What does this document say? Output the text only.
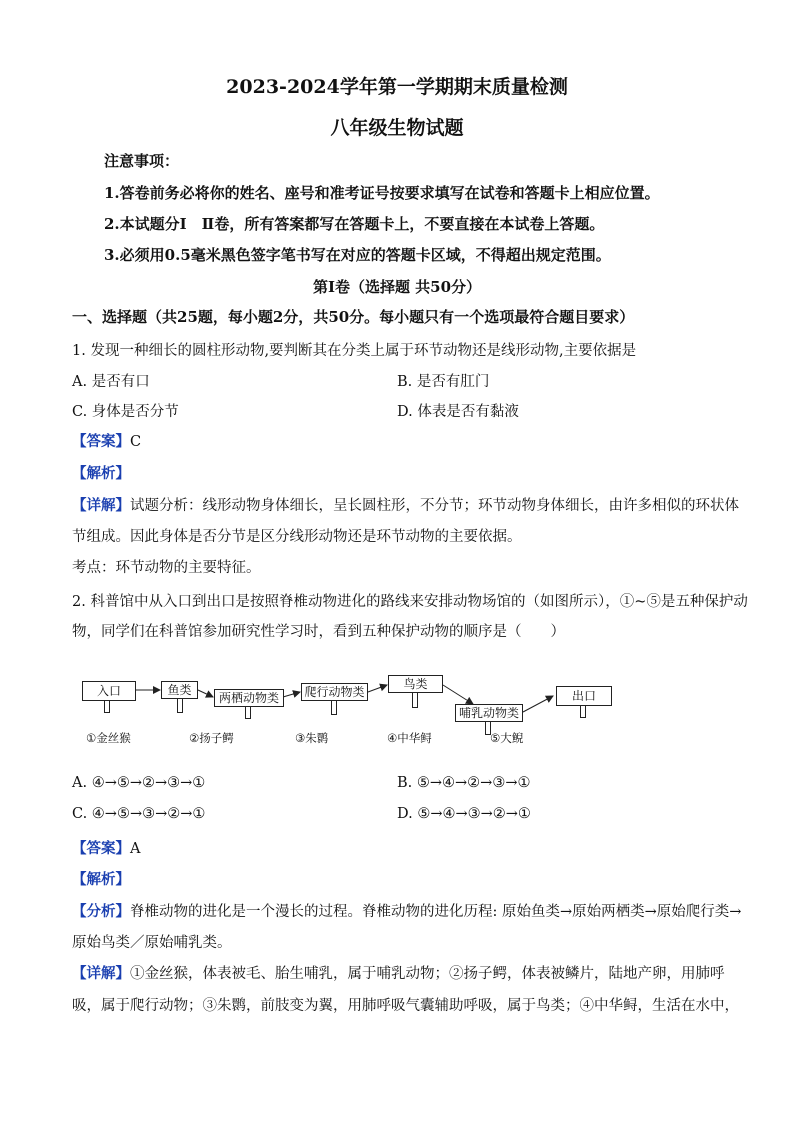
2023-2024学年第一学期期末质量检测
八年级生物试题
注意事项：
1.答卷前务必将你的姓名、座号和准考证号按要求填写在试卷和答题卡上相应位置。
2.本试题分Ⅰ　Ⅱ卷，所有答案都写在答题卡上，不要直接在本试卷上答题。
3.必须用0.5毫米黑色签字笔书写在对应的答题卡区域，不得超出规定范围。
第Ⅰ卷（选择题 共50分）
一、选择题（共25题，每小题2分，共50分。每小题只有一个选项最符合题目要求）
1. 发现一种细长的圆柱形动物,要判断其在分类上属于环节动物还是线形动物,主要依据是
A. 是否有口	B. 是否有肛门
C. 身体是否分节	D. 体表是否有黏液
【答案】C
【解析】
【详解】试题分析：线形动物身体细长，呈长圆柱形，不分节；环节动物身体细长，由许多相似的环状体
节组成。因此身体是否分节是区分线形动物还是环节动物的主要依据。
考点：环节动物的主要特征。
2. 科普馆中从入口到出口是按照脊椎动物进化的路线来安排动物场馆的（如图所示），①~⑤是五种保护动
物，同学们在科普馆参加研究性学习时，看到五种保护动物的顺序是（　　）
入口	鱼类
两栖动物类	爬行动物类
鸟类
哺乳动物类
出口
①金丝猴	②扬子鳄	③朱鹮	④中华鲟	⑤大鲵
A. ④→⑤→②→③→①	B. ⑤→④→②→③→①
C. ④→⑤→③→②→①	D. ⑤→④→③→②→①
【答案】A
【解析】
【分析】脊椎动物的进化是一个漫长的过程。脊椎动物的进化历程: 原始鱼类→原始两栖类→原始爬行类→
原始鸟类／原始哺乳类。
【详解】①金丝猴，体表被毛、胎生哺乳，属于哺乳动物；②扬子鳄，体表被鳞片，陆地产卵，用肺呼
吸，属于爬行动物；③朱鹮，前肢变为翼，用肺呼吸气囊辅助呼吸，属于鸟类；④中华鲟，生活在水中，
